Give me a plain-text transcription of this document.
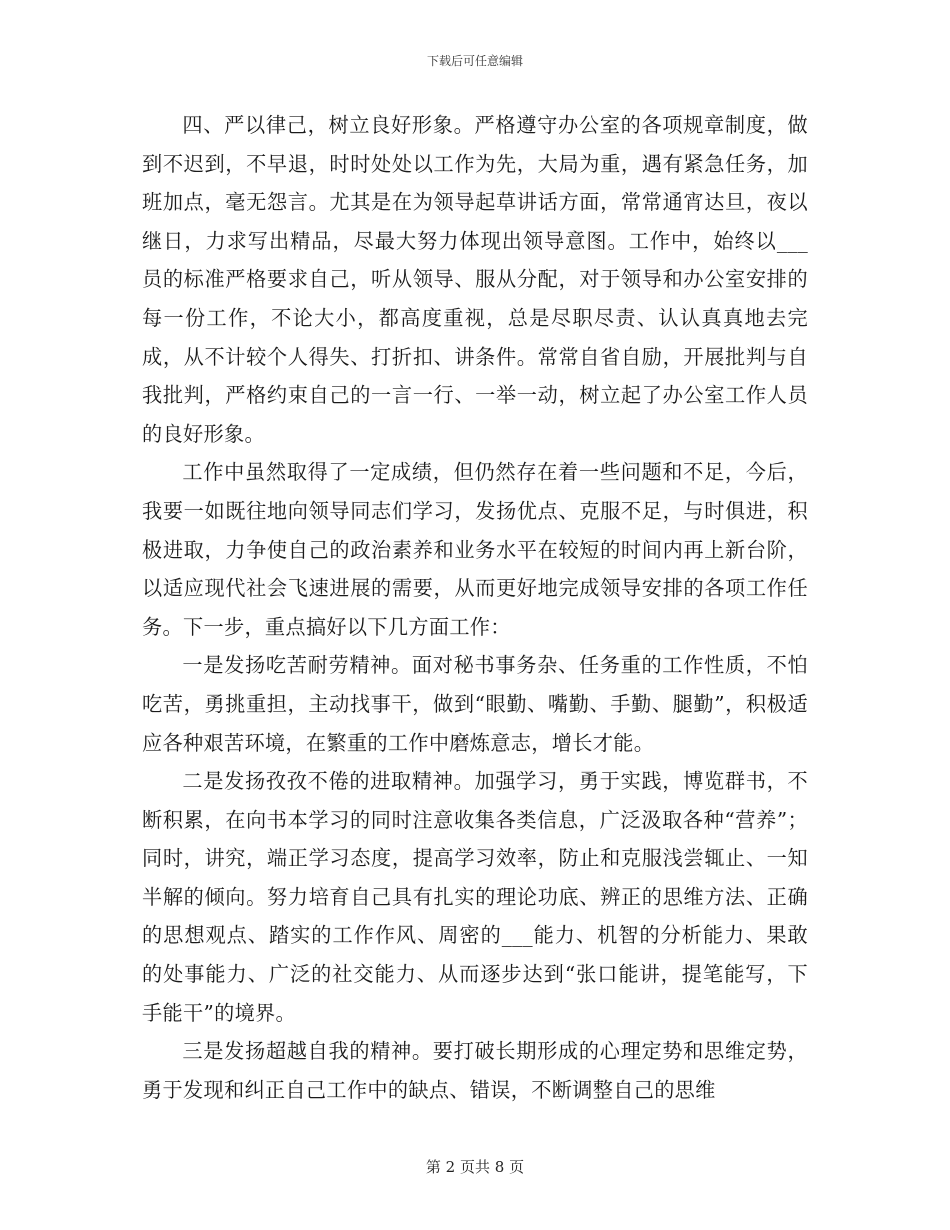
下载后可任意编辑

四、严以律己，树立良好形象。严格遵守办公室的各项规章制度，做到不迟到，不早退，时时处处以工作为先，大局为重，遇有紧急任务，加班加点，毫无怨言。尤其是在为领导起草讲话方面，常常通宵达旦，夜以继日，力求写出精品，尽最大努力体现出领导意图。工作中，始终以___员的标准严格要求自己，听从领导、服从分配，对于领导和办公室安排的每一份工作，不论大小，都高度重视，总是尽职尽责、认认真真地去完成，从不计较个人得失、打折扣、讲条件。常常自省自励，开展批判与自我批判，严格约束自己的一言一行、一举一动，树立起了办公室工作人员的良好形象。

工作中虽然取得了一定成绩，但仍然存在着一些问题和不足，今后，我要一如既往地向领导同志们学习，发扬优点、克服不足，与时俱进，积极进取，力争使自己的政治素养和业务水平在较短的时间内再上新台阶，以适应现代社会飞速进展的需要，从而更好地完成领导安排的各项工作任务。下一步，重点搞好以下几方面工作：

一是发扬吃苦耐劳精神。面对秘书事务杂、任务重的工作性质，不怕吃苦，勇挑重担，主动找事干，做到“眼勤、嘴勤、手勤、腿勤”，积极适应各种艰苦环境，在繁重的工作中磨炼意志，增长才能。

二是发扬孜孜不倦的进取精神。加强学习，勇于实践，博览群书，不断积累，在向书本学习的同时注意收集各类信息，广泛汲取各种“营养”；同时，讲究，端正学习态度，提高学习效率，防止和克服浅尝辄止、一知半解的倾向。努力培育自己具有扎实的理论功底、辨正的思维方法、正确的思想观点、踏实的工作作风、周密的___能力、机智的分析能力、果敢的处事能力、广泛的社交能力、从而逐步达到“张口能讲，提笔能写，下手能干”的境界。

三是发扬超越自我的精神。要打破长期形成的心理定势和思维定势，勇于发现和纠正自己工作中的缺点、错误，不断调整自己的思维

第 2 页共 8 页
